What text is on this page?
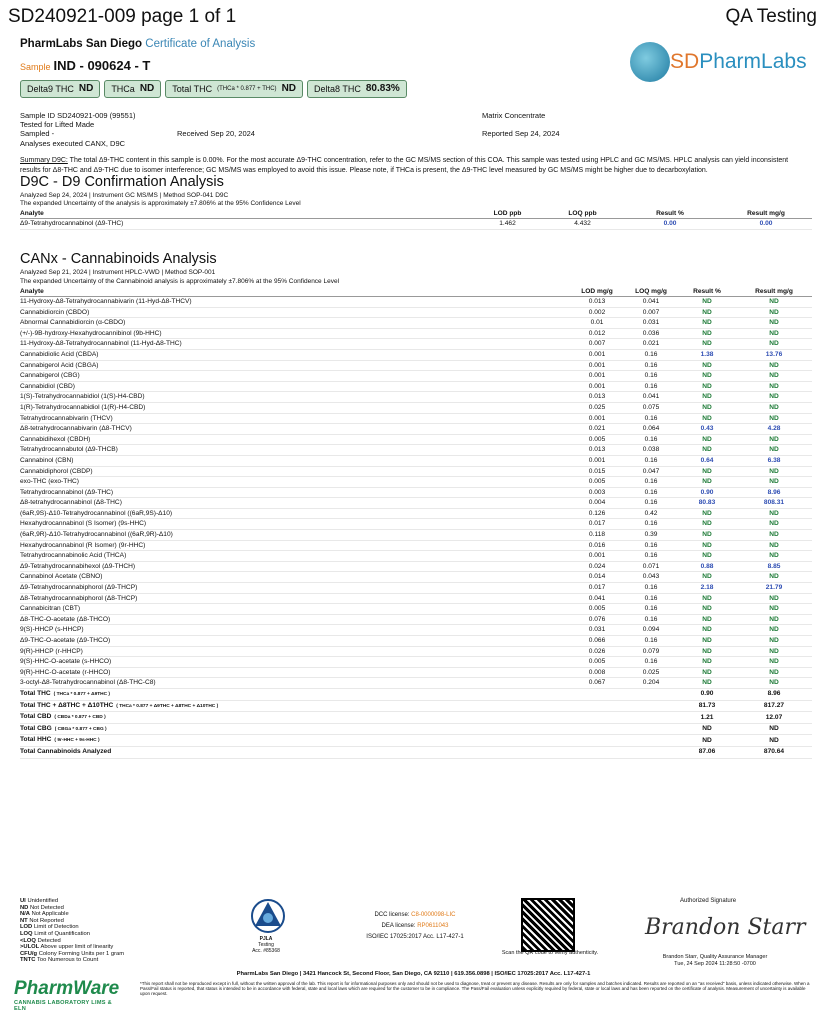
SD240921-009 page 1 of 1	QA Testing
PharmLabs San Diego Certificate of Analysis
Sample IND - 090624 - T	SDPharmLabs
Delta9 THC ND THCa ND Total THC (THCa * 0.877 + THC) ND Delta8 THC 80.83%
Sample ID SD240921-009 (99551)	Matrix Concentrate
Tested for Lifted Made
Sampled -	Received Sep 20, 2024	Reported Sep 24, 2024
Analyses executed CANX, D9C
Summary D9C: The total Δ9-THC content in this sample is 0.00%. For the most accurate Δ9-THC concentration, refer to the GC MS/MS section of this COA. This sample was tested using HPLC and GC MS/MS. HPLC analysis can yield inconsistent results for Δ8-THC and Δ9-THC due to isomer interference; GC MS/MS was employed to avoid this issue. Please note, if THCa is present, the Δ9-THC level measured by GC MS/MS might be higher due to decarboxylation.
D9C - D9 Confirmation Analysis
Analyzed Sep 24, 2024 | Instrument GC MS/MS | Method SOP-041 D9C
The expanded Uncertainty of the analysis is approximately ±7.806% at the 95% Confidence Level
Analyte	LOD ppb	LOQ ppb	Result %	Result mg/g
Δ9-Tetrahydrocannabinol (Δ9-THC)	1.462	4.432	0.00	0.00
CANx - Cannabinoids Analysis
Analyzed Sep 21, 2024 | Instrument HPLC-VWD | Method SOP-001
The expanded Uncertainty of the Cannabinoid analysis is approximately ±7.806% at the 95% Confidence Level
Analyte	LOD mg/g	LOQ mg/g	Result %	Result mg/g
11-Hydroxy-Δ8-Tetrahydrocannabivarin (11-Hyd-Δ8-THCV)	0.013	0.041	ND	ND
Cannabidiorcin (CBDO)	0.002	0.007	ND	ND
Abnormal Cannabidiorcin (α-CBDO)	0.01	0.031	ND	ND
(+/-)-9B-hydroxy-Hexahydrocannibinol (9b-HHC)	0.012	0.036	ND	ND
11-Hydroxy-Δ8-Tetrahydrocannabinol (11-Hyd-Δ8-THC)	0.007	0.021	ND	ND
Cannabidiolic Acid (CBDA)	0.001	0.16	1.38	13.76
Cannabigerol Acid (CBGA)	0.001	0.16	ND	ND
Cannabigerol (CBG)	0.001	0.16	ND	ND
Cannabidiol (CBD)	0.001	0.16	ND	ND
1(S)-Tetrahydrocannabidiol (1(S)-H4-CBD)	0.013	0.041	ND	ND
1(R)-Tetrahydrocannabidiol (1(R)-H4-CBD)	0.025	0.075	ND	ND
Tetrahydrocannabivarin (THCV)	0.001	0.16	ND	ND
Δ8-tetrahydrocannabivarin (Δ8-THCV)	0.021	0.064	0.43	4.28
Cannabidihexol (CBDH)	0.005	0.16	ND	ND
Tetrahydrocannabutol (Δ9-THCB)	0.013	0.038	ND	ND
Cannabinol (CBN)	0.001	0.16	0.64	6.38
Cannabidiphorol (CBDP)	0.015	0.047	ND	ND
exo-THC (exo-THC)	0.005	0.16	ND	ND
Tetrahydrocannabinol (Δ9-THC)	0.003	0.16	0.90	8.96
Δ8-tetrahydrocannabinol (Δ8-THC)	0.004	0.16	80.83	808.31
(6aR,9S)-Δ10-Tetrahydrocannabinol ((6aR,9S)-Δ10)	0.126	0.42	ND	ND
Hexahydrocannabinol (S Isomer) (9s-HHC)	0.017	0.16	ND	ND
(6aR,9R)-Δ10-Tetrahydrocannabinol ((6aR,9R)-Δ10)	0.118	0.39	ND	ND
Hexahydrocannabinol (R Isomer) (9r-HHC)	0.016	0.16	ND	ND
Tetrahydrocannabinolic Acid (THCA)	0.001	0.16	ND	ND
Δ9-Tetrahydrocannabihexol (Δ9-THCH)	0.024	0.071	0.88	8.85
Cannabinol Acetate (CBNO)	0.014	0.043	ND	ND
Δ9-Tetrahydrocannabiphorol (Δ9-THCP)	0.017	0.16	2.18	21.79
Δ8-Tetrahydrocannabiphorol (Δ8-THCP)	0.041	0.16	ND	ND
Cannabicitran (CBT)	0.005	0.16	ND	ND
Δ8-THC-O-acetate (Δ8-THCO)	0.076	0.16	ND	ND
9(S)-HHCP (s-HHCP)	0.031	0.094	ND	ND
Δ9-THC-O-acetate (Δ9-THCO)	0.066	0.16	ND	ND
9(R)-HHCP (r-HHCP)	0.026	0.079	ND	ND
9(S)-HHC-O-acetate (s-HHCO)	0.005	0.16	ND	ND
9(R)-HHC-O-acetate (r-HHCO)	0.008	0.025	ND	ND
3-octyl-Δ8-Tetrahydrocannabinol (Δ8-THC-C8)	0.067	0.204	ND	ND
Total THC ( THCa * 0.877 + Δ9THC )			0.90	8.96
Total THC + Δ8THC + Δ10THC ( THCa * 0.877 + Δ9THC + Δ8THC + Δ10THC )			81.73	817.27
Total CBD ( CBDa * 0.877 + CBD )			1.21	12.07
Total CBG ( CBGa * 0.877 + CBG )			ND	ND
Total HHC ( 9r-HHC + 9s-HHC )			ND	ND
Total Cannabinoids Analyzed			87.06	870.64
UI Unidentified
ND Not Detected
N/A Not Applicable
NT Not Reported
LOD Limit of Detection
LOQ Limit of Quantification
<LOQ Detected
>ULOL Above upper limit of linearity
CFU/g Colony Forming Units per 1 gram
TNTC Too Numerous to Count
PJLA
Testing
Acc. #85368
DCC license: C8-0000098-LIC
DEA license: RP0611043
ISO/IEC 17025:2017 Acc. L17-427-1
Scan the QR code to verify authenticity.
Authorized Signature
Brandon Starr
Brandon Starr, Quality Assurance Manager
Tue, 24 Sep 2024 11:28:50 -0700
PharmLabs San Diego | 3421 Hancock St, Second Floor, San Diego, CA 92110 | 619.356.0898 | ISO/IEC 17025:2017 Acc. L17-427-1
*This report shall not be reproduced except in full, without the written approval of the lab. This report is for informational purposes only and should not be used to diagnose, treat or prevent any disease. Results are only for samples and batches indicated. Results are reported on an "as received" basis, unless indicated otherwise. When a Pass/Fail status is reported, that status is intended to be in accordance with federal, state and local laws which are required for the customer to be in compliance. The Pass/Fail evaluation unless explicitly required by federal, state or local laws and has been reported on the certificate of analysis. Measurement of uncertainty is available upon request.
PharmWare
CANNABIS LABORATORY LIMS & ELN
